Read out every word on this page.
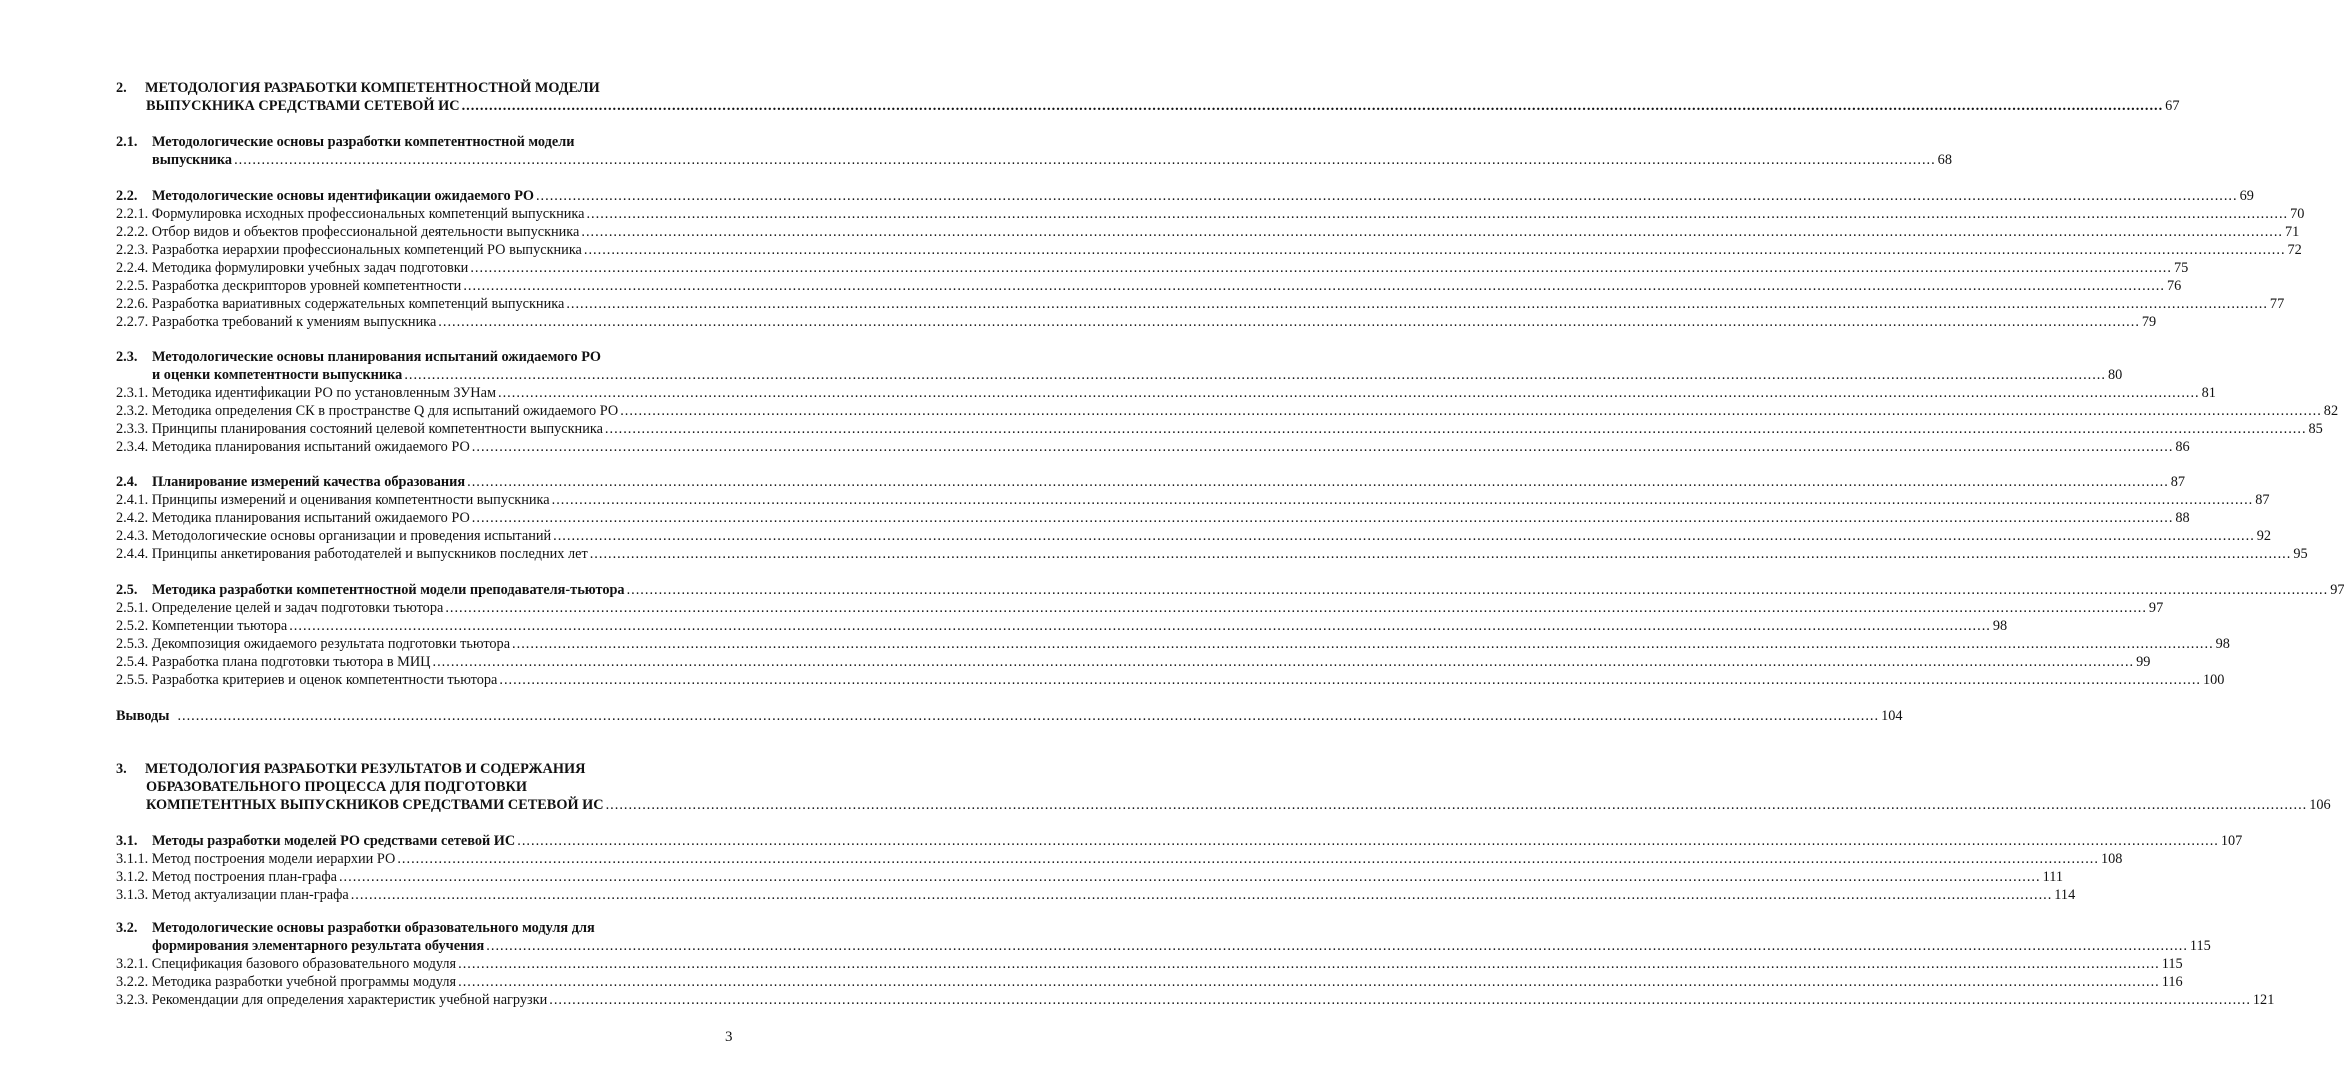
2. МЕТОДОЛОГИЯ РАЗРАБОТКИ КОМПЕТЕНТНОСТНОЙ МОДЕЛИ
ВЫПУСКНИКА СРЕДСТВАМИ СЕТЕВОЙ ИС .....	67
2.1. Методологические основы разработки компетентностной модели
выпускника .....	68
2.2. Методологические основы идентификации ожидаемого РО .....	69
2.2.1. Формулировка исходных профессиональных компетенций выпускника .....	70
2.2.2. Отбор видов и объектов профессиональной деятельности выпускника .....	71
2.2.3. Разработка иерархии профессиональных компетенций РО выпускника .....	72
2.2.4. Методика формулировки учебных задач подготовки .....	75
2.2.5. Разработка дескрипторов уровней компетентности .....	76
2.2.6. Разработка вариативных содержательных компетенций выпускника .....	77
2.2.7. Разработка требований к умениям выпускника .....	79
2.3. Методологические основы планирования испытаний ожидаемого РО
и оценки компетентности выпускника .....	80
2.3.1. Методика идентификации РО по установленным ЗУНам .....	81
2.3.2. Методика определения СК в пространстве Q для испытаний ожидаемого РО .....	82
2.3.3. Принципы планирования состояний целевой компетентности выпускника .....	85
2.3.4. Методика планирования испытаний ожидаемого РО .....	86
2.4. Планирование измерений качества образования .....	87
2.4.1. Принципы измерений и оценивания компетентности выпускника .....	87
2.4.2. Методика планирования испытаний ожидаемого РО .....	88
2.4.3. Методологические основы организации и проведения испытаний .....	92
2.4.4. Принципы анкетирования работодателей и выпускников последних лет .....	95
2.5. Методика разработки компетентностной модели преподавателя-тьютора .....	97
2.5.1. Определение целей и задач подготовки тьютора .....	97
2.5.2. Компетенции тьютора .....	98
2.5.3. Декомпозиция ожидаемого результата подготовки тьютора .....	98
2.5.4. Разработка плана подготовки тьютора в МИЦ .....	99
2.5.5. Разработка критериев и оценок компетентности тьютора .....	100
Выводы .....	104
3. МЕТОДОЛОГИЯ РАЗРАБОТКИ РЕЗУЛЬТАТОВ И СОДЕРЖАНИЯ
ОБРАЗОВАТЕЛЬНОГО ПРОЦЕССА ДЛЯ ПОДГОТОВКИ
КОМПЕТЕНТНЫХ ВЫПУСКНИКОВ СРЕДСТВАМИ СЕТЕВОЙ ИС .....	106
3.1. Методы разработки моделей РО средствами сетевой ИС .....	107
3.1.1. Метод построения модели иерархии РО .....	108
3.1.2. Метод построения план-графа .....	111
3.1.3. Метод актуализации план-графа .....	114
3.2. Методологические основы разработки образовательного модуля для
формирования элементарного результата обучения .....	115
3.2.1. Спецификация базового образовательного модуля .....	115
3.2.2. Методика разработки учебной программы модуля .....	116
3.2.3. Рекомендации для определения характеристик учебной нагрузки .....	121
3
